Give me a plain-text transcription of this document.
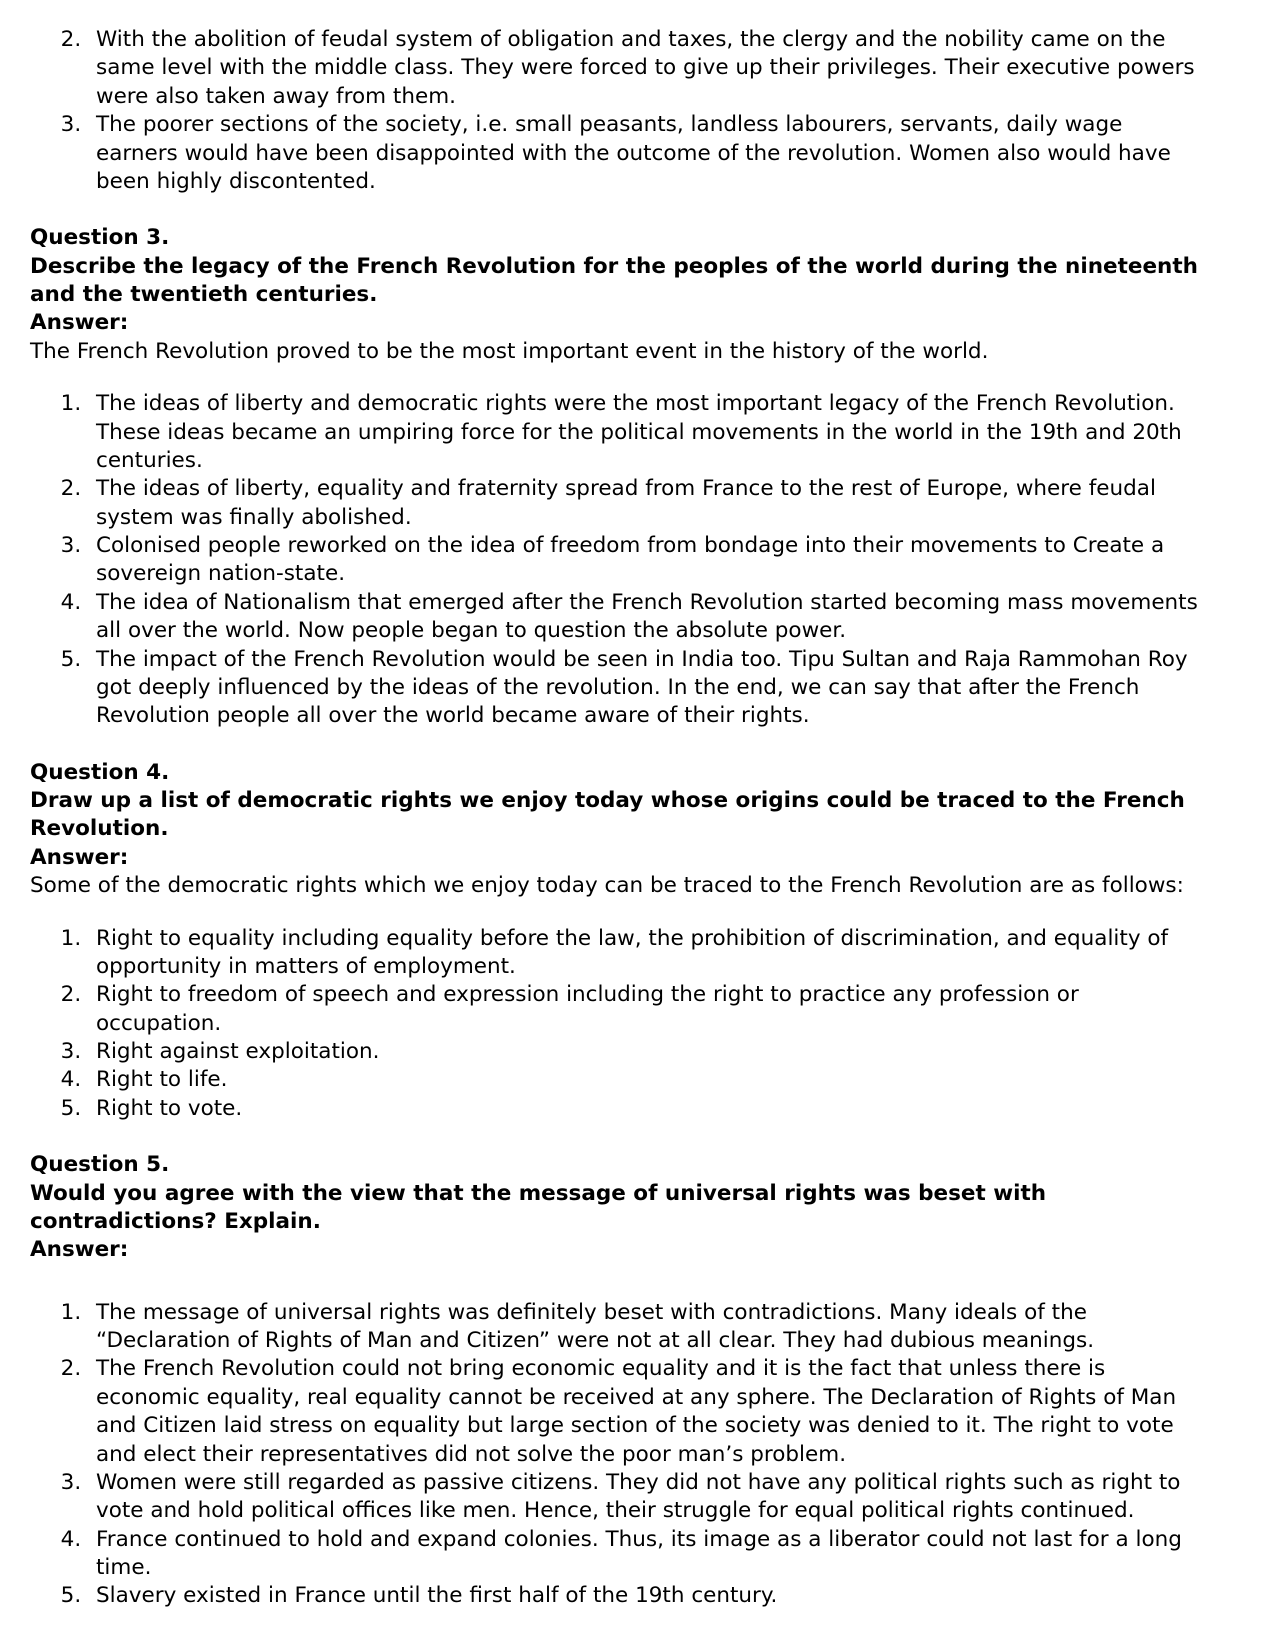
2. With the abolition of feudal system of obligation and taxes, the clergy and the nobility came on the same level with the middle class. They were forced to give up their privileges. Their executive powers were also taken away from them.
3. The poorer sections of the society, i.e. small peasants, landless labourers, servants, daily wage earners would have been disappointed with the outcome of the revolution. Women also would have been highly discontented.
Question 3.
Describe the legacy of the French Revolution for the peoples of the world during the nineteenth and the twentieth centuries.
Answer:
The French Revolution proved to be the most important event in the history of the world.
1. The ideas of liberty and democratic rights were the most important legacy of the French Revolution. These ideas became an umpiring force for the political movements in the world in the 19th and 20th centuries.
2. The ideas of liberty, equality and fraternity spread from France to the rest of Europe, where feudal system was finally abolished.
3. Colonised people reworked on the idea of freedom from bondage into their movements to Create a sovereign nation-state.
4. The idea of Nationalism that emerged after the French Revolution started becoming mass movements all over the world. Now people began to question the absolute power.
5. The impact of the French Revolution would be seen in India too. Tipu Sultan and Raja Rammohan Roy got deeply influenced by the ideas of the revolution. In the end, we can say that after the French Revolution people all over the world became aware of their rights.
Question 4.
Draw up a list of democratic rights we enjoy today whose origins could be traced to the French Revolution.
Answer:
Some of the democratic rights which we enjoy today can be traced to the French Revolution are as follows:
1. Right to equality including equality before the law, the prohibition of discrimination, and equality of opportunity in matters of employment.
2. Right to freedom of speech and expression including the right to practice any profession or occupation.
3. Right against exploitation.
4. Right to life.
5. Right to vote.
Question 5.
Would you agree with the view that the message of universal rights was beset with contradictions? Explain.
Answer:
1. The message of universal rights was definitely beset with contradictions. Many ideals of the “Declaration of Rights of Man and Citizen” were not at all clear. They had dubious meanings.
2. The French Revolution could not bring economic equality and it is the fact that unless there is economic equality, real equality cannot be received at any sphere. The Declaration of Rights of Man and Citizen laid stress on equality but large section of the society was denied to it. The right to vote and elect their representatives did not solve the poor man’s problem.
3. Women were still regarded as passive citizens. They did not have any political rights such as right to vote and hold political offices like men. Hence, their struggle for equal political rights continued.
4. France continued to hold and expand colonies. Thus, its image as a liberator could not last for a long time.
5. Slavery existed in France until the first half of the 19th century.
